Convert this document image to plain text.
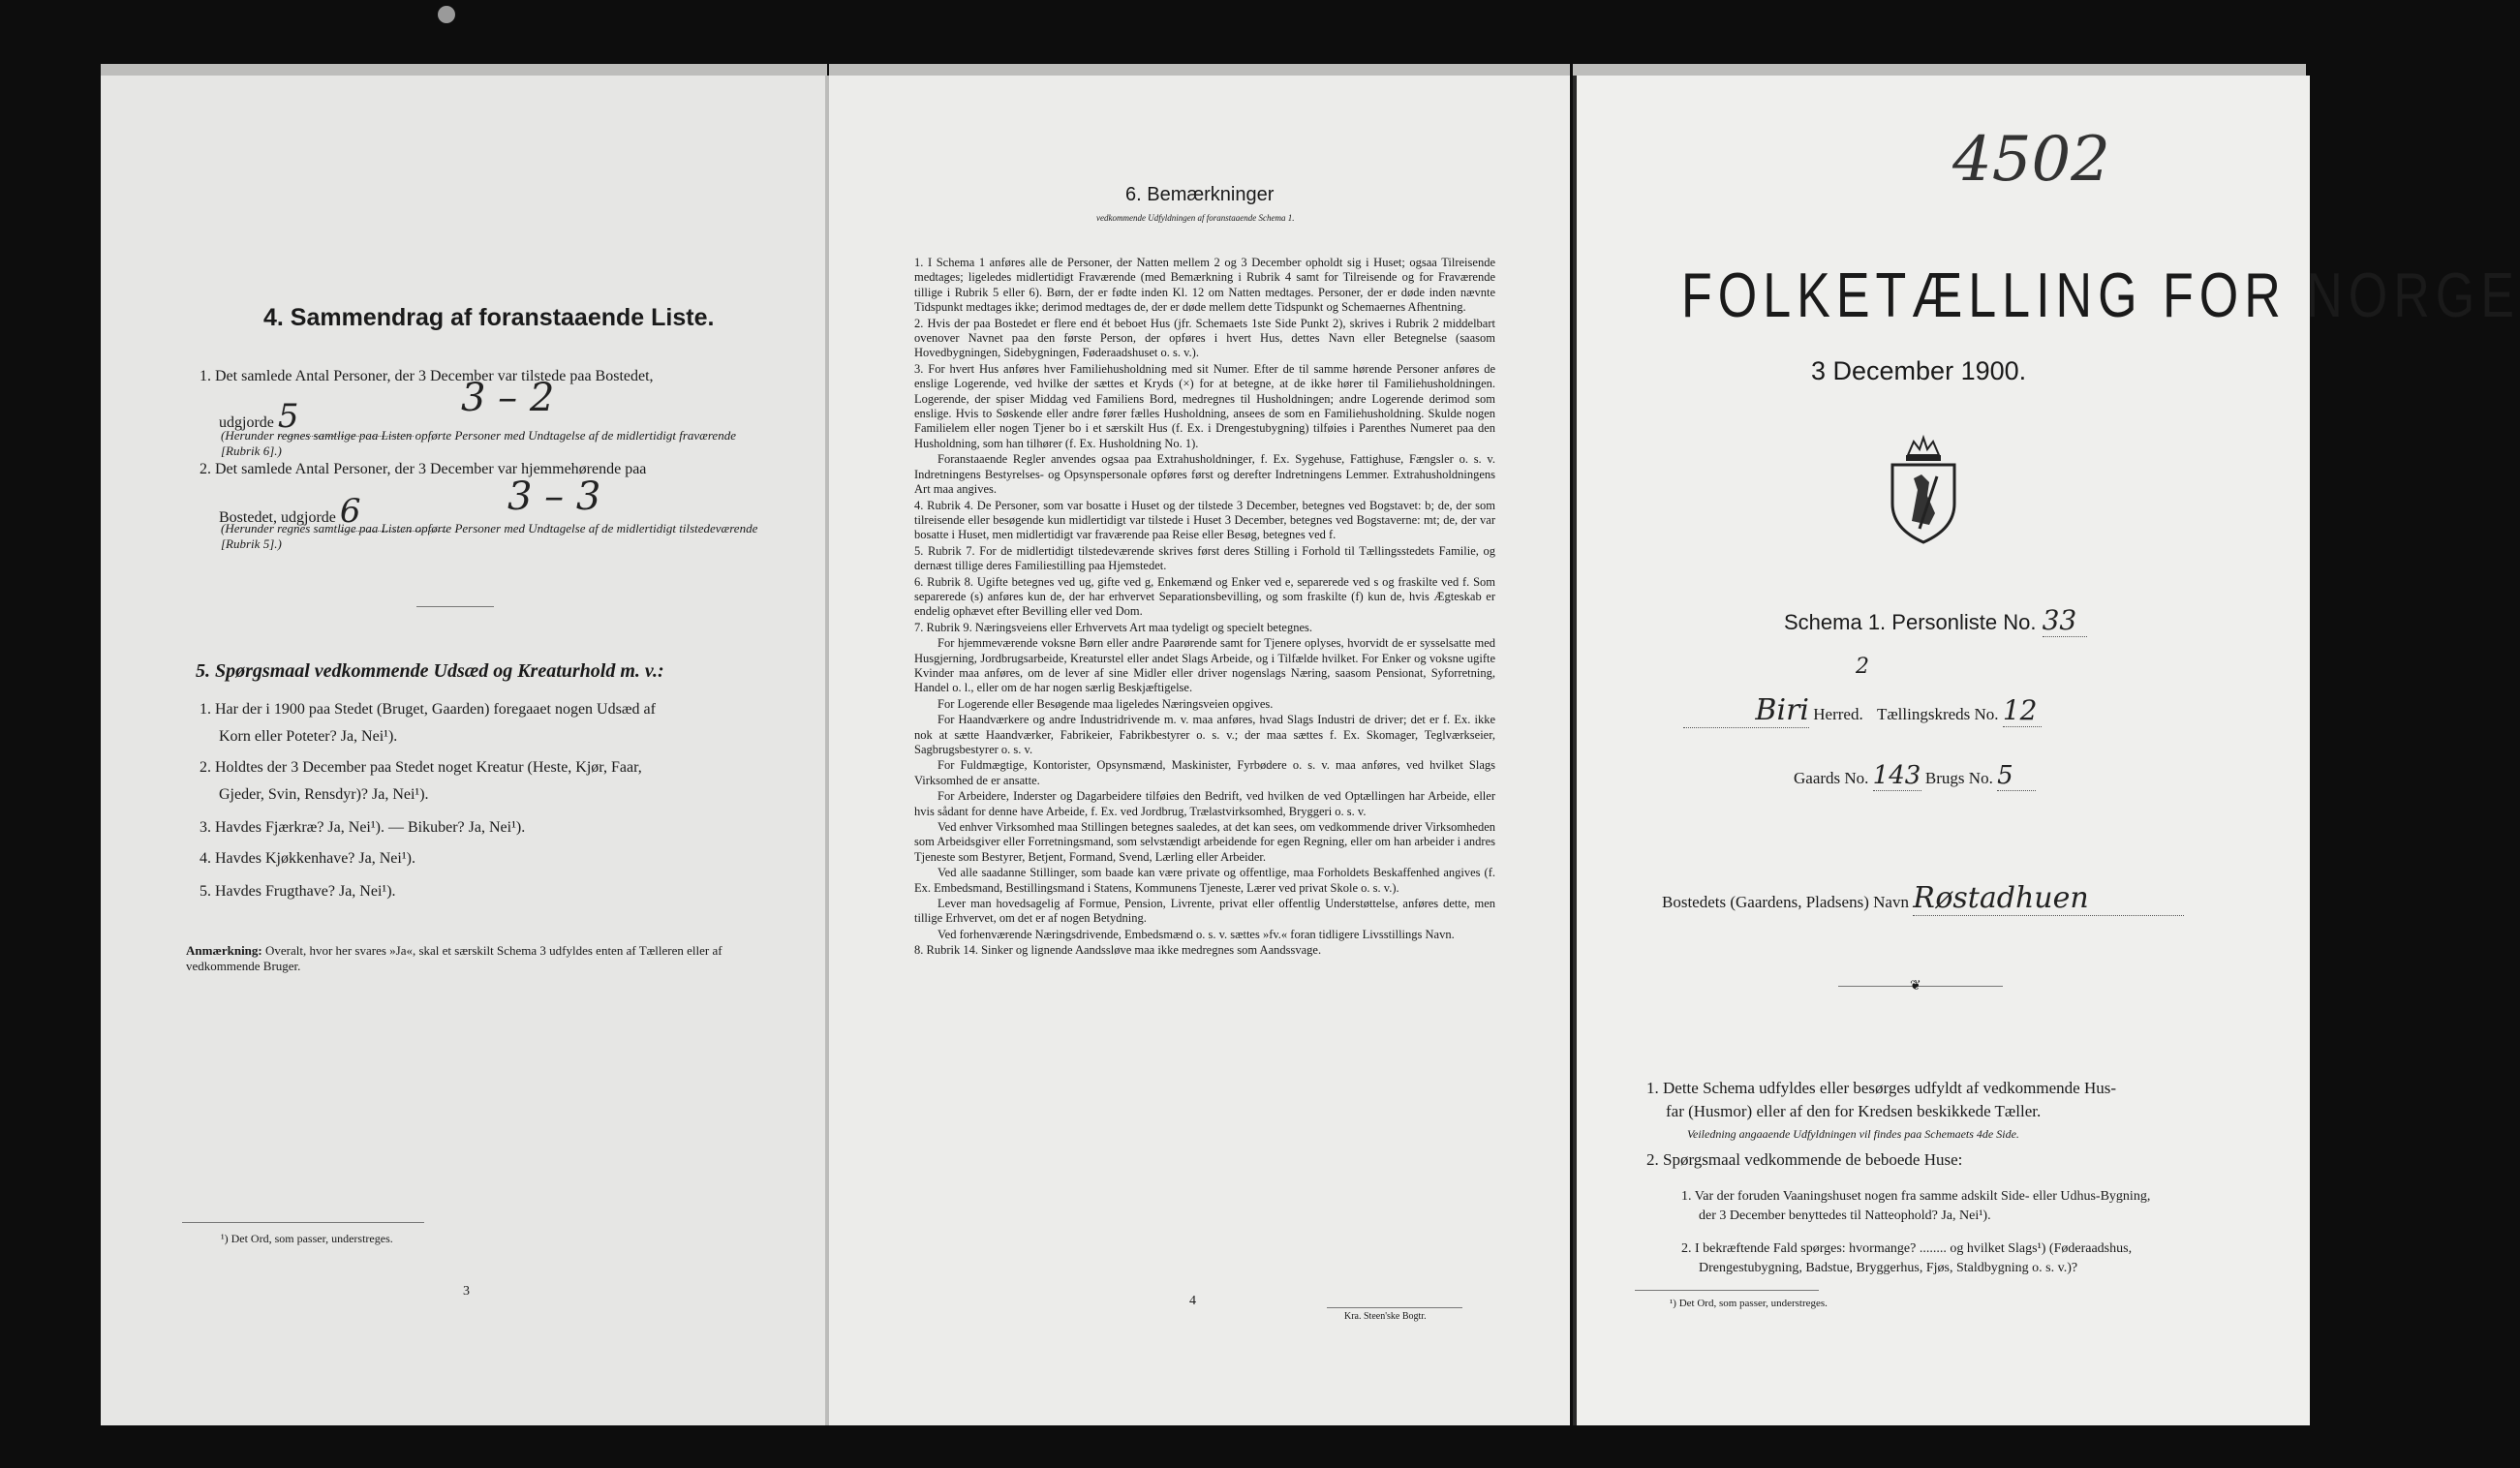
4. Sammendrag af foranstaaende Liste.
1. Det samlede Antal Personer, der 3 December var tilstede paa Bostedet,
udgjorde 5	3 – 2
(Herunder regnes samtlige paa Listen opførte Personer med Undtagelse af de midlertidigt fraværende [Rubrik 6].)
2. Det samlede Antal Personer, der 3 December var hjemmehørende paa
Bostedet, udgjorde 6	3 – 3
(Herunder regnes samtlige paa Listen opførte Personer med Undtagelse af de midlertidigt tilstedeværende [Rubrik 5].)
5. Spørgsmaal vedkommende Udsæd og Kreaturhold m. v.:
1. Har der i 1900 paa Stedet (Bruget, Gaarden) foregaaet nogen Udsæd af
Korn eller Poteter? Ja, Nei¹).
2. Holdtes der 3 December paa Stedet noget Kreatur (Heste, Kjør, Faar,
Gjeder, Svin, Rensdyr)? Ja, Nei¹).
3. Havdes Fjærkræ? Ja, Nei¹). — Bikuber? Ja, Nei¹).
4. Havdes Kjøkkenhave? Ja, Nei¹).
5. Havdes Frugthave? Ja, Nei¹).
Anmærkning: Overalt, hvor her svares »Ja«, skal et særskilt Schema 3 udfyldes enten af Tælleren eller af vedkommende Bruger.
¹) Det Ord, som passer, understreges.
3
6. Bemærkninger
vedkommende Udfyldningen af foranstaaende Schema 1.

1. I Schema 1 anføres alle de Personer, der Natten mellem 2 og 3 December opholdt sig i Huset; ogsaa Tilreisende medtages; ligeledes midlertidigt Fraværende (med Bemærkning i Rubrik 4 samt for Tilreisende og for Fraværende tillige i Rubrik 5 eller 6). Børn, der er fødte inden Kl. 12 om Natten medtages. Personer, der er døde inden nævnte Tidspunkt medtages ikke; derimod medtages de, der er døde mellem dette Tidspunkt og Schemaernes Afhentning.

2. Hvis der paa Bostedet er flere end ét beboet Hus (jfr. Schemaets 1ste Side Punkt 2), skrives i Rubrik 2 middelbart ovenover Navnet paa den første Person, der opføres i hvert Hus, dettes Navn eller Betegnelse (saasom Hovedbygningen, Sidebygningen, Føderaadshuset o. s. v.).

3. For hvert Hus anføres hver Familiehusholdning med sit Numer. Efter de til samme hørende Personer anføres de enslige Logerende, ved hvilke der sættes et Kryds (×) for at betegne, at de ikke hører til Familiehusholdningen. Logerende, der spiser Middag ved Familiens Bord, medregnes til Husholdningen; andre Logerende derimod som enslige. Hvis to Søskende eller andre fører fælles Husholdning, ansees de som en Familiehusholdning. Skulde nogen Familielem eller nogen Tjener bo i et særskilt Hus (f. Ex. i Drengestubygning) tilføies i Parenthes Numeret paa den Husholdning, som han tilhører (f. Ex. Husholdning No. 1).

Foranstaaende Regler anvendes ogsaa paa Extrahusholdninger, f. Ex. Sygehuse, Fattighuse, Fængsler o. s. v. Indretningens Bestyrelses- og Opsynspersonale opføres først og derefter Indretningens Lemmer. Extrahusholdningens Art maa angives.

4. Rubrik 4. De Personer, som var bosatte i Huset og der tilstede 3 December, betegnes ved Bogstavet: b; de, der som tilreisende eller besøgende kun midlertidigt var tilstede i Huset 3 December, betegnes ved Bogstaverne: mt; de, der var bosatte i Huset, men midlertidigt var fraværende paa Reise eller Besøg, betegnes ved f.

5. Rubrik 7. For de midlertidigt tilstedeværende skrives først deres Stilling i Forhold til Tællingsstedets Familie, og dernæst tillige deres Familiestilling paa Hjemstedet.

6. Rubrik 8. Ugifte betegnes ved ug, gifte ved g, Enkemænd og Enker ved e, separerede ved s og fraskilte ved f. Som separerede (s) anføres kun de, der har erhvervet Separationsbevilling, og som fraskilte (f) kun de, hvis Ægteskab er endelig ophævet efter Bevilling eller ved Dom.

7. Rubrik 9. Næringsveiens eller Erhvervets Art maa tydeligt og specielt betegnes.

For hjemmeværende voksne Børn eller andre Paarørende samt for Tjenere oplyses, hvorvidt de er sysselsatte med Husgjerning, Jordbrugsarbeide, Kreaturstel eller andet Slags Arbeide, og i Tilfælde hvilket. For Enker og voksne ugifte Kvinder maa anføres, om de lever af sine Midler eller driver nogenslags Næring, saasom Pensionat, Syforretning, Handel o. l., eller om de har nogen særlig Beskjæftigelse.

For Logerende eller Besøgende maa ligeledes Næringsveien opgives.

For Haandværkere og andre Industridrivende m. v. maa anføres, hvad Slags Industri de driver; det er f. Ex. ikke nok at sætte Haandværker, Fabrikeier, Fabrikbestyrer o. s. v.; der maa sættes f. Ex. Skomager, Teglværkseier, Sagbrugsbestyrer o. s. v.

For Fuldmægtige, Kontorister, Opsynsmænd, Maskinister, Fyrbødere o. s. v. maa anføres, ved hvilket Slags Virksomhed de er ansatte.

For Arbeidere, Inderster og Dagarbeidere tilføies den Bedrift, ved hvilken de ved Optællingen har Arbeide, eller hvis sådant for denne have Arbeide, f. Ex. ved Jordbrug, Trælastvirksomhed, Bryggeri o. s. v.

Ved enhver Virksomhed maa Stillingen betegnes saaledes, at det kan sees, om vedkommende driver Virksomheden som Arbeidsgiver eller Forretningsmand, som selvstændigt arbeidende for egen Regning, eller om han arbeider i andres Tjeneste som Bestyrer, Betjent, Formand, Svend, Lærling eller Arbeider.

Ved alle saadanne Stillinger, som baade kan være private og offentlige, maa Forholdets Beskaffenhed angives (f. Ex. Embedsmand, Bestillingsmand i Statens, Kommunens Tjeneste, Lærer ved privat Skole o. s. v.).

Lever man hovedsagelig af Formue, Pension, Livrente, privat eller offentlig Understøttelse, anføres dette, men tillige Erhvervet, om det er af nogen Betydning.

Ved forhenværende Næringsdrivende, Embedsmænd o. s. v. sættes »fv.« foran tidligere Livsstillings Navn.

8. Rubrik 14. Sinker og lignende Aandssløve maa ikke medregnes som Aandssvage.

4
Kra. Steen'ske Bogtr.
4502
FOLKETÆLLING FOR NORGE
3 December 1900.
Schema 1. Personliste No. 33
2
Biri Herred. Tællingskreds No. 12
Gaards No. 143 Brugs No. 5
Bostedets (Gaardens, Pladsens) Navn Røstadhuen
❦
1. Dette Schema udfyldes eller besørges udfyldt af vedkommende Hus-
far (Husmor) eller af den for Kredsen beskikkede Tæller.
Veiledning angaaende Udfyldningen vil findes paa Schemaets 4de Side.
2. Spørgsmaal vedkommende de beboede Huse:
1. Var der foruden Vaaningshuset nogen fra samme adskilt Side- eller Udhus-Bygning,
der 3 December benyttedes til Natteophold? Ja, Nei¹).
2. I bekræftende Fald spørges: hvormange? ........ og hvilket Slags¹) (Føderaadshus,
Drengestubygning, Badstue, Bryggerhus, Fjøs, Staldbygning o. s. v.)?
¹) Det Ord, som passer, understreges.
